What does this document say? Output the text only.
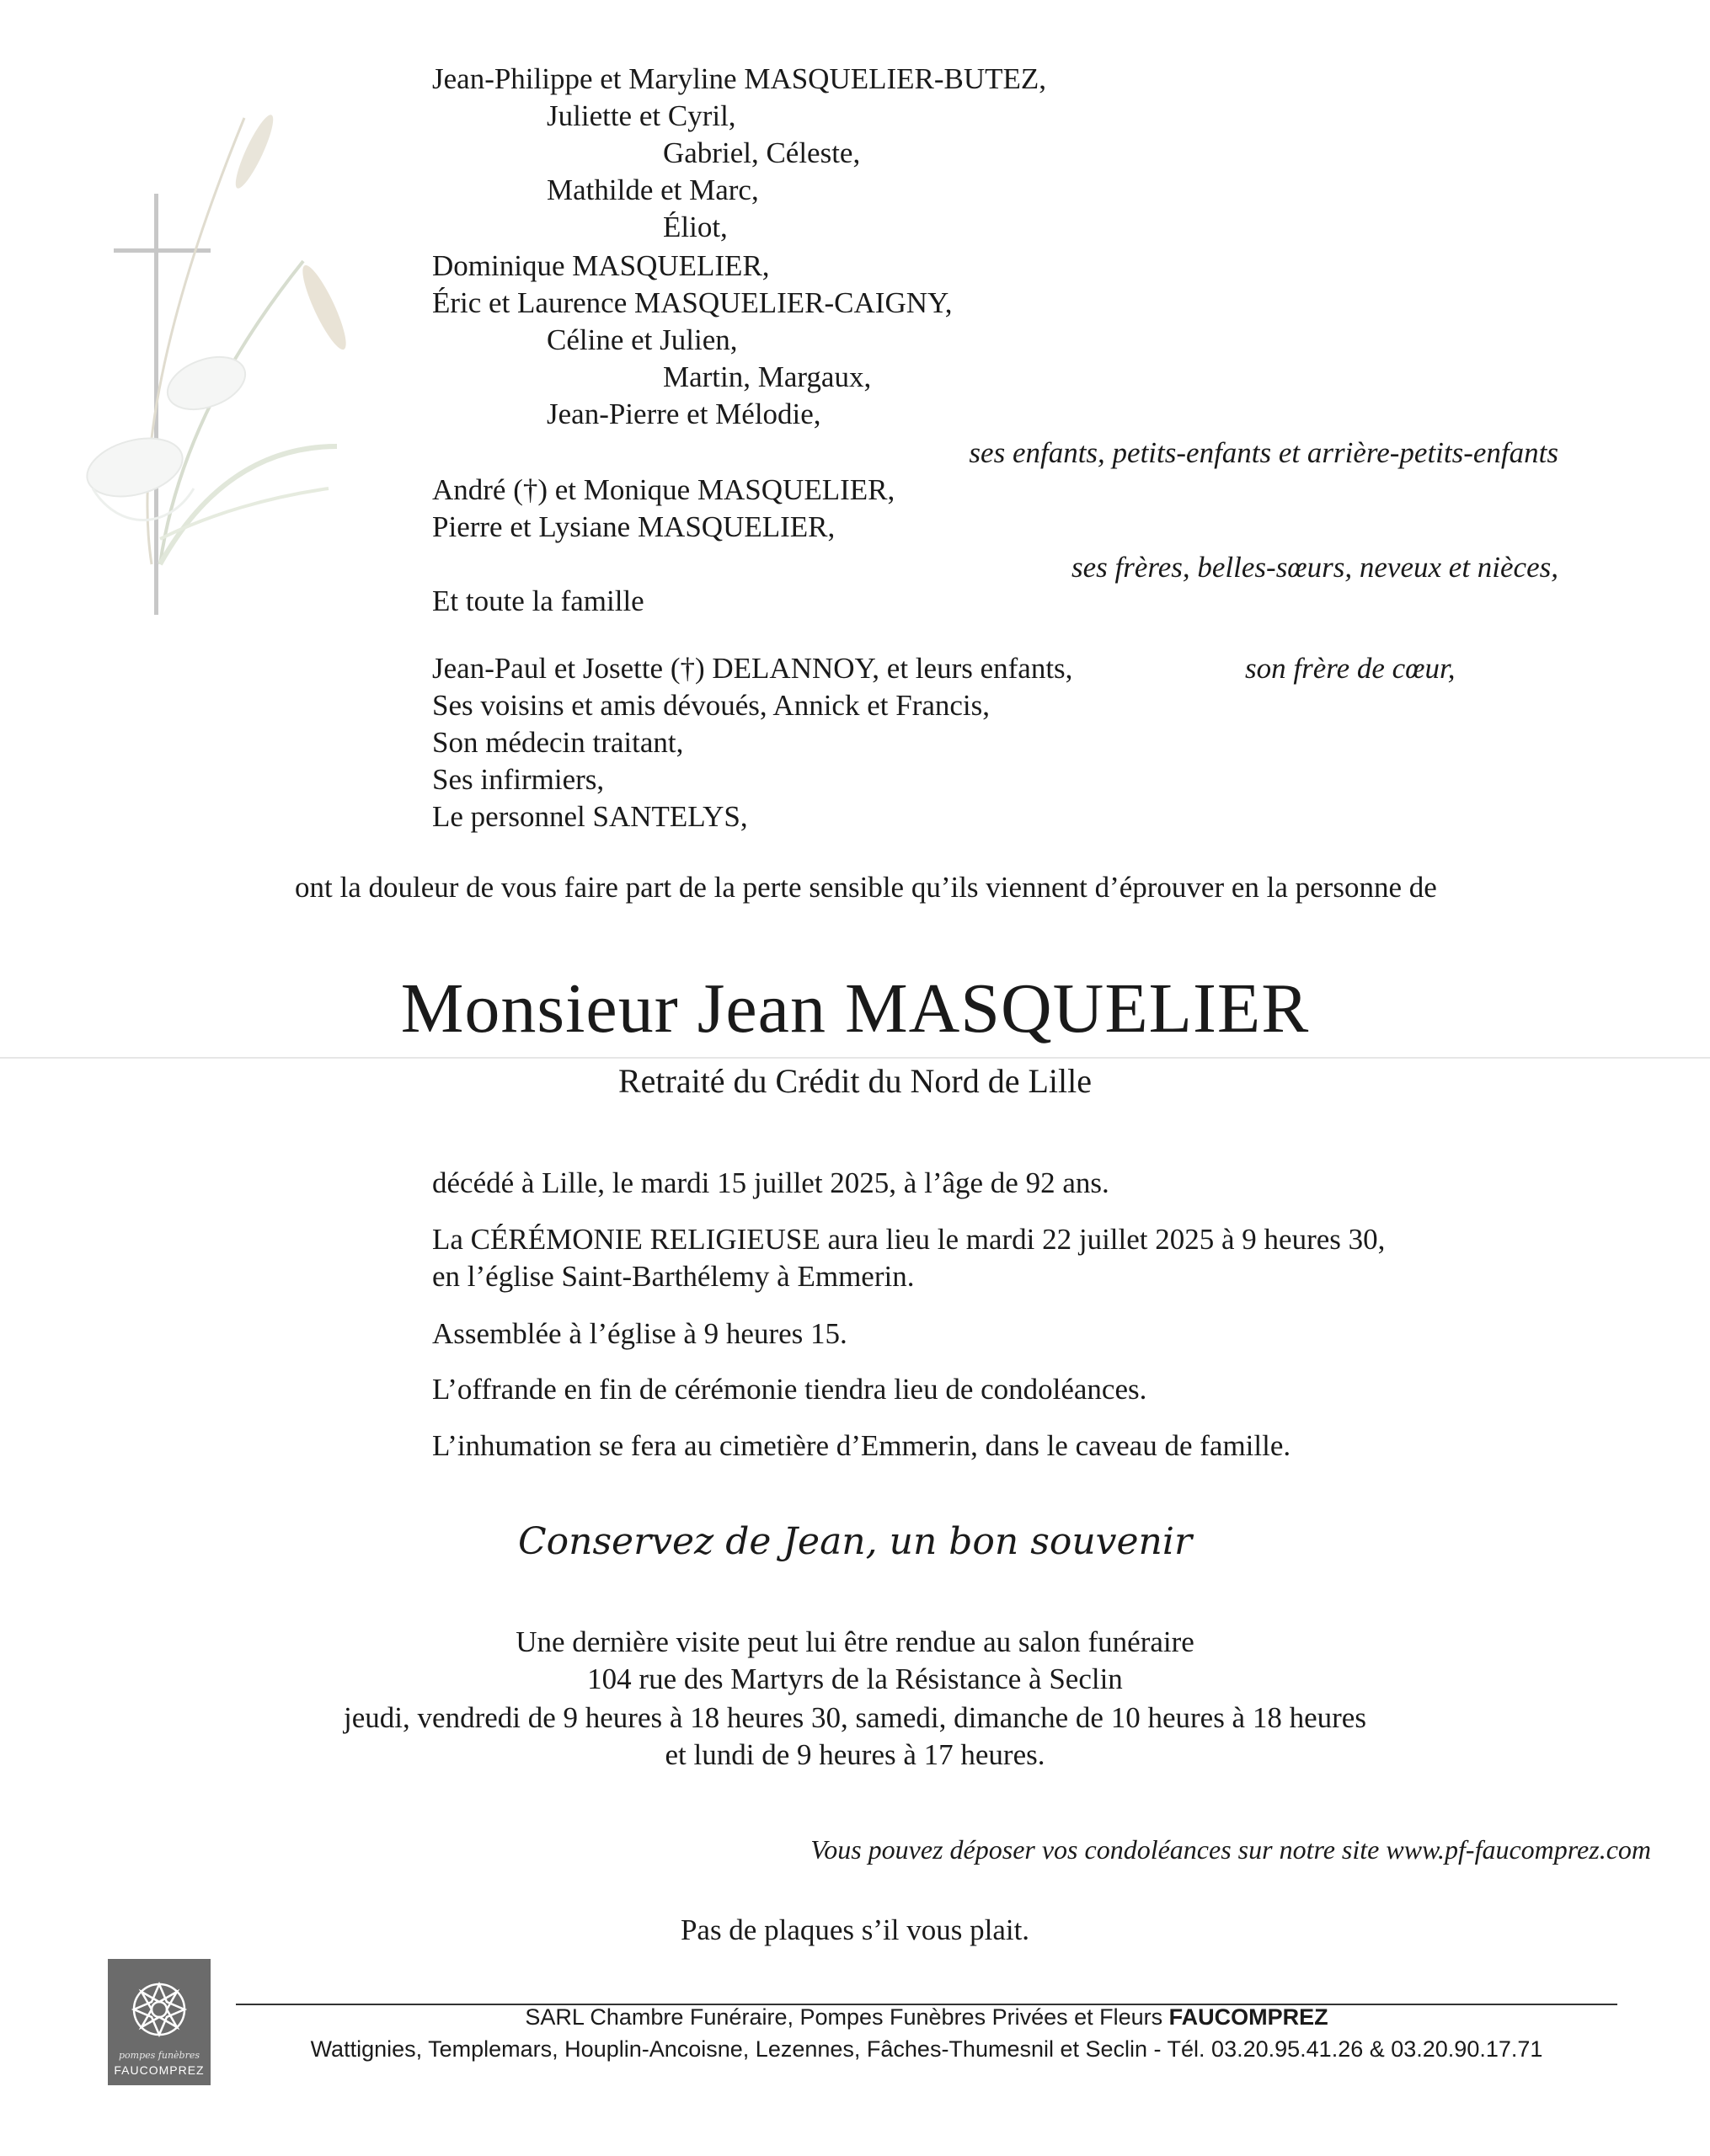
Jean-Philippe et Maryline MASQUELIER-BUTEZ,
Juliette et Cyril,
Gabriel, Céleste,
Mathilde et Marc,
Éliot,
Dominique MASQUELIER,
Éric et Laurence MASQUELIER-CAIGNY,
Céline et Julien,
Martin, Margaux,
Jean-Pierre et Mélodie,
ses enfants, petits-enfants et arrière-petits-enfants
André (†) et Monique MASQUELIER,
Pierre et Lysiane MASQUELIER,
ses frères, belles-sœurs, neveux et nièces,
Et toute la famille
Jean-Paul et Josette (†) DELANNOY, et leurs enfants,	son frère de cœur,
Ses voisins et amis dévoués, Annick et Francis,
Son médecin traitant,
Ses infirmiers,
Le personnel SANTELYS,
ont la douleur de vous faire part de la perte sensible qu’ils viennent d’éprouver en la personne de
Monsieur Jean MASQUELIER
Retraité du Crédit du Nord de Lille
décédé à Lille, le mardi 15 juillet 2025, à l’âge de 92 ans.
La CÉRÉMONIE RELIGIEUSE aura lieu le mardi 22 juillet 2025 à 9 heures 30,
en l’église Saint-Barthélemy à Emmerin.
Assemblée à l’église à 9 heures 15.
L’offrande en fin de cérémonie tiendra lieu de condoléances.
L’inhumation se fera au cimetière d’Emmerin, dans le caveau de famille.
Conservez de Jean, un bon souvenir
Une dernière visite peut lui être rendue au salon funéraire
104 rue des Martyrs de la Résistance à Seclin
jeudi, vendredi de 9 heures à 18 heures 30, samedi, dimanche de 10 heures à 18 heures
et lundi de 9 heures à 17 heures.
Vous pouvez déposer vos condoléances sur notre site www.pf-faucomprez.com
Pas de plaques s’il vous plait.
pompes funèbres
FAUCOMPREZ
SARL Chambre Funéraire, Pompes Funèbres Privées et Fleurs FAUCOMPREZ
Wattignies, Templemars, Houplin-Ancoisne, Lezennes, Fâches-Thumesnil et Seclin - Tél. 03.20.95.41.26 & 03.20.90.17.71
